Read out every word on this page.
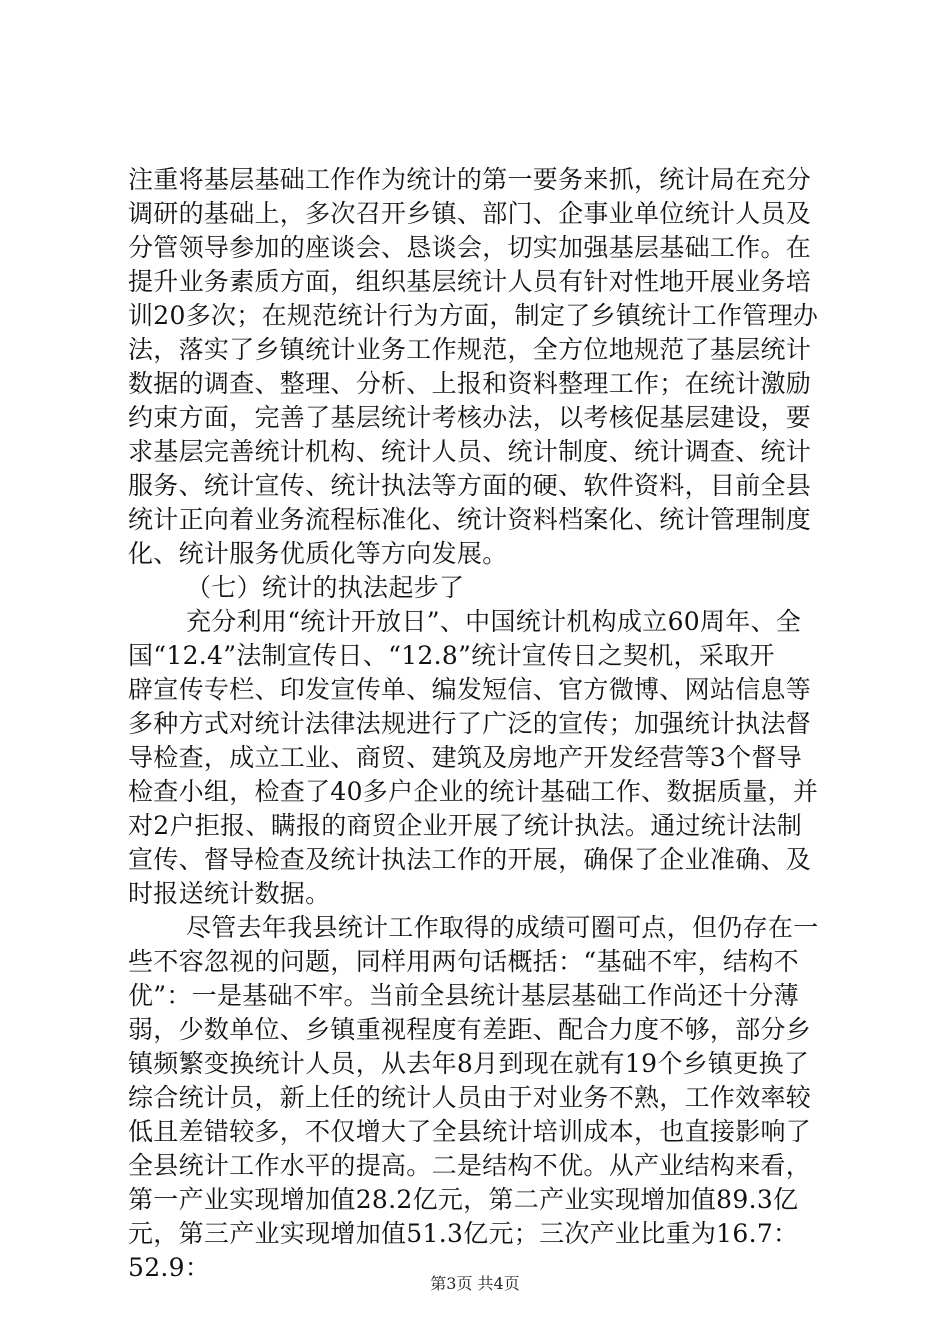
注重将基层基础工作作为统计的第一要务来抓，统计局在充分
调研的基础上，多次召开乡镇、部门、企事业单位统计人员及
分管领导参加的座谈会、恳谈会，切实加强基层基础工作。在
提升业务素质方面，组织基层统计人员有针对性地开展业务培
训20多次；在规范统计行为方面，制定了乡镇统计工作管理办
法，落实了乡镇统计业务工作规范，全方位地规范了基层统计
数据的调查、整理、分析、上报和资料整理工作；在统计激励
约束方面，完善了基层统计考核办法，以考核促基层建设，要
求基层完善统计机构、统计人员、统计制度、统计调查、统计
服务、统计宣传、统计执法等方面的硬、软件资料，目前全县
统计正向着业务流程标准化、统计资料档案化、统计管理制度
化、统计服务优质化等方向发展。
（七）统计的执法起步了
充分利用“统计开放日”、中国统计机构成立60周年、全
国“12.4”法制宣传日、“12.8”统计宣传日之契机，采取开
辟宣传专栏、印发宣传单、编发短信、官方微博、网站信息等
多种方式对统计法律法规进行了广泛的宣传；加强统计执法督
导检查，成立工业、商贸、建筑及房地产开发经营等3个督导
检查小组，检查了40多户企业的统计基础工作、数据质量，并
对2户拒报、瞒报的商贸企业开展了统计执法。通过统计法制
宣传、督导检查及统计执法工作的开展，确保了企业准确、及
时报送统计数据。
尽管去年我县统计工作取得的成绩可圈可点，但仍存在一
些不容忽视的问题，同样用两句话概括：“基础不牢，结构不
优”：一是基础不牢。当前全县统计基层基础工作尚还十分薄
弱，少数单位、乡镇重视程度有差距、配合力度不够，部分乡
镇频繁变换统计人员，从去年8月到现在就有19个乡镇更换了
综合统计员，新上任的统计人员由于对业务不熟，工作效率较
低且差错较多，不仅增大了全县统计培训成本，也直接影响了
全县统计工作水平的提高。二是结构不优。从产业结构来看，
第一产业实现增加值28.2亿元，第二产业实现增加值89.3亿
元，第三产业实现增加值51.3亿元；三次产业比重为16.7：
52.9：
第3页 共4页
